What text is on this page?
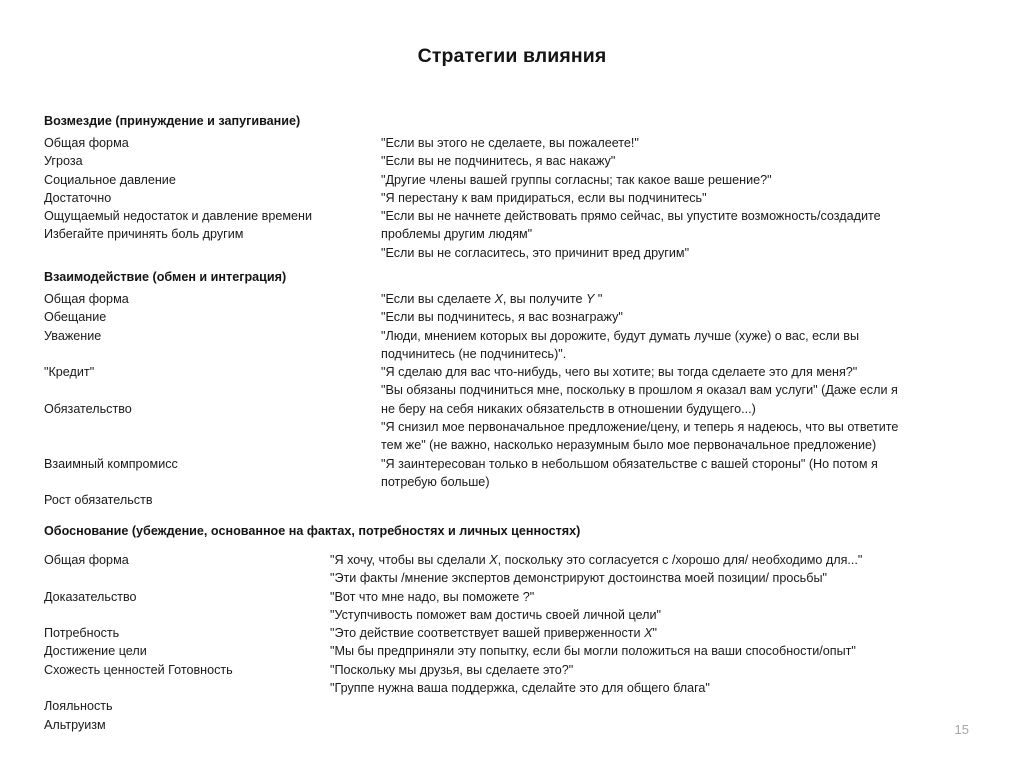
Стратегии влияния
Возмездие (принуждение и запугивание)
Общая форма
Угроза
Социальное давление
Достаточно
Ощущаемый недостаток и давление времени
Избегайте причинять боль другим
"Если вы этого не сделаете, вы пожалеете!"
"Если вы не подчинитесь, я вас накажу"
"Другие члены вашей группы согласны; так какое ваше решение?"
"Я перестану к вам придираться, если вы подчинитесь"
"Если вы не начнете действовать прямо сейчас, вы упустите возможность/создадите
проблемы другим людям"
"Если вы не согласитесь, это причинит вред другим"
Взаимодействие (обмен и интеграция)
Общая форма
Обещание
Уважение

"Кредит"

Обязательство

Взаимный компромисс

Рост обязательств
"Если вы сделаете X, вы получите Y "
"Если вы подчинитесь, я вас вознагражу"
"Люди, мнением которых вы дорожите, будут думать лучше (хуже) о вас, если вы
подчинитесь (не подчинитесь)".
"Я сделаю для вас что-нибудь, чего вы хотите; вы тогда сделаете это для меня?"
"Вы обязаны подчиниться мне, поскольку в прошлом я оказал вам услуги" (Даже если я
не беру на себя никаких обязательств в отношении будущего...)
"Я снизил мое первоначальное предложение/цену, и теперь я надеюсь, что вы ответите
тем же" (не важно, насколько неразумным было мое первоначальное предложение)
"Я заинтересован только в небольшом обязательстве с вашей стороны" (Но потом я
потребую больше)
Обоснование (убеждение, основанное на фактах, потребностях и личных ценностях)
Общая форма

Доказательство

Потребность
Достижение цели
Схожесть ценностей Готовность

Лояльность
Альтруизм
"Я хочу, чтобы вы сделали X, поскольку это согласуется с /хорошо для/ необходимо для..."
"Эти факты /мнение экспертов демонстрируют достоинства моей позиции/ просьбы"
"Вот что мне надо, вы поможете ?"
"Уступчивость поможет вам достичь своей личной цели"
"Это действие соответствует вашей приверженности X"
"Мы бы предприняли эту попытку, если бы могли положиться на ваши способности/опыт"
"Поскольку мы друзья, вы сделаете это?"
"Группе нужна ваша поддержка, сделайте это для общего блага"
15
